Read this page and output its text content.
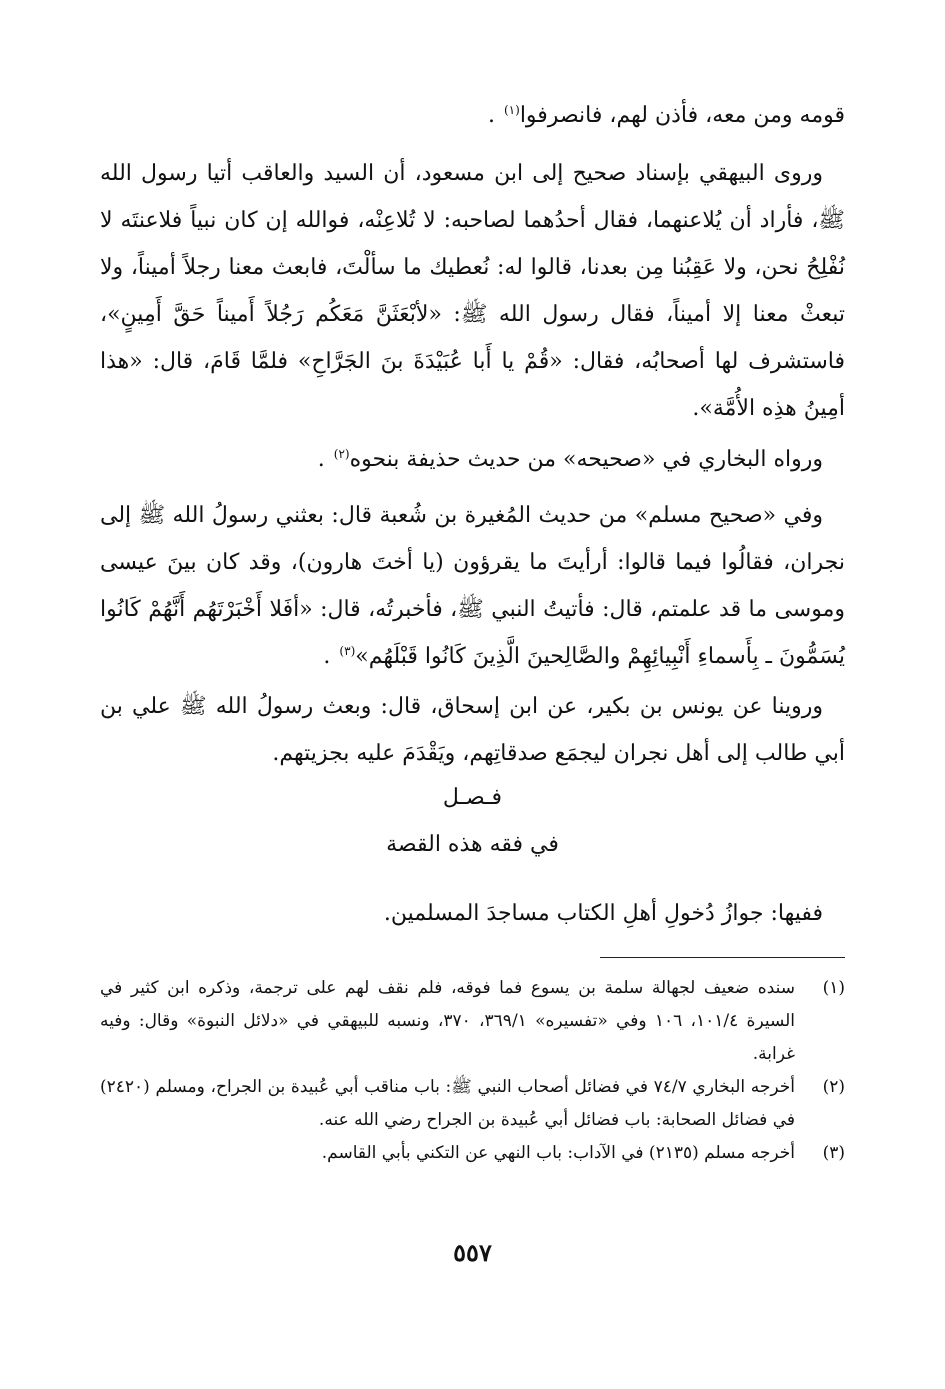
قومه ومن معه، فأذن لهم، فانصرفوا$^{(١)}$ .

وروى البيهقي بإسناد صحيح إلى ابن مسعود، أن السيد والعاقب أتيا رسول الله ﷺ، فأراد أن يُلاعنهما، فقال أحدُهما لصاحبه: لا تُلاعِنْه، فوالله إن كان نبياً فلاعنتَه لا نُفْلِحُ نحن، ولا عَقِبُنا مِن بعدنا، قالوا له: نُعطيك ما سألْتَ، فابعث معنا رجلاً أميناً، ولا تبعثْ معنا إلا أميناً، فقال رسول الله ﷺ: «لأبْعَثَنَّ مَعَكُم رَجُلاً أَميناً حَقَّ أَمِينٍ»، فاستشرف لها أصحابُه، فقال: «قُمْ يا أَبا عُبَيْدَةَ بنَ الجَرَّاحِ» فلمَّا قَامَ، قال: «هذا أمِينُ هذِه الأُمَّة».

ورواه البخاري في «صحيحه» من حديث حذيفة بنحوه$^{(٢)}$ .

وفي «صحيح مسلم» من حديث المُغيرة بن شُعبة قال: بعثني رسولُ الله ﷺ إلى نجران، فقالُوا فيما قالوا: أرأيتَ ما يقرؤون (يا أختَ هارون)، وقد كان بينَ عيسى وموسى ما قد علمتم، قال: فأتيتُ النبي ﷺ، فأخبرتُه، قال: «أفَلا أَخْبَرْتَهُم أَنَّهُمْ كَانُوا يُسَمُّونَ ـ بِأَسماءِ أَنْبِيائِهِمْ والصَّالِحينَ الَّذِينَ كَانُوا قَبْلَهُم»$^{(٣)}$ .

وروينا عن يونس بن بكير، عن ابن إسحاق، قال: وبعث رسولُ الله ﷺ علي بن أبي طالب إلى أهل نجران ليجمَع صدقاتِهم، ويَقْدَمَ عليه بجزيتهم.

فـصـل
في فقه هذه القصة

ففيها: جوازُ دُخولِ أهلِ الكتاب مساجدَ المسلمين.

(١)
سنده ضعيف لجهالة سلمة بن يسوع فما فوقه، فلم نقف لهم على ترجمة، وذكره ابن كثير في السيرة ١٠١/٤، ١٠٦ وفي «تفسيره» ٣٦٩/١، ٣٧٠، ونسبه للبيهقي في «دلائل النبوة» وقال: وفيه غرابة.
(٢)
أخرجه البخاري ٧٤/٧ في فضائل أصحاب النبي ﷺ: باب مناقب أبي عُبيدة بن الجراح، ومسلم (٢٤٢٠) في فضائل الصحابة: باب فضائل أبي عُبيدة بن الجراح رضي الله عنه.
(٣)
أخرجه مسلم (٢١٣٥) في الآداب: باب النهي عن التكني بأبي القاسم.
٥٥٧
